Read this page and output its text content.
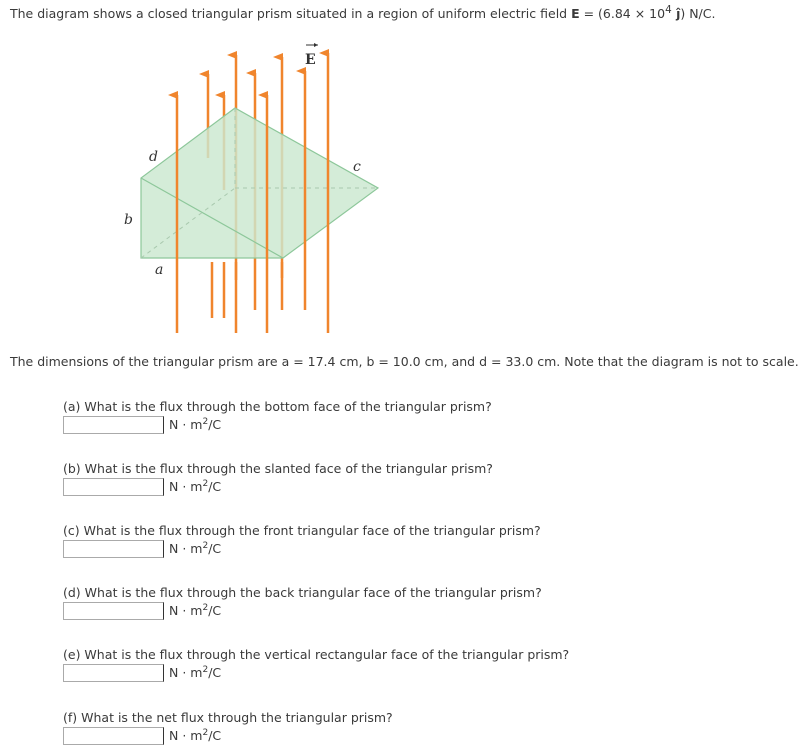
The diagram shows a closed triangular prism situated in a region of uniform electric field $E = (6.84 \times 10^4$ ĵ) N/C.
E
d
c
b
a
The dimensions of the triangular prism are a = 17.4 cm, b = 10.0 cm, and d = 33.0 cm. Note that the diagram is not to scale.
(a) What is the flux through the bottom face of the triangular prism?
$N \cdot m^2/C$
(b) What is the flux through the slanted face of the triangular prism?
$N \cdot m^2/C$
(c) What is the flux through the front triangular face of the triangular prism?
$N \cdot m^2/C$
(d) What is the flux through the back triangular face of the triangular prism?
$N \cdot m^2/C$
(e) What is the flux through the vertical rectangular face of the triangular prism?
$N \cdot m^2/C$
(f) What is the net flux through the triangular prism?
$N \cdot m^2/C$
